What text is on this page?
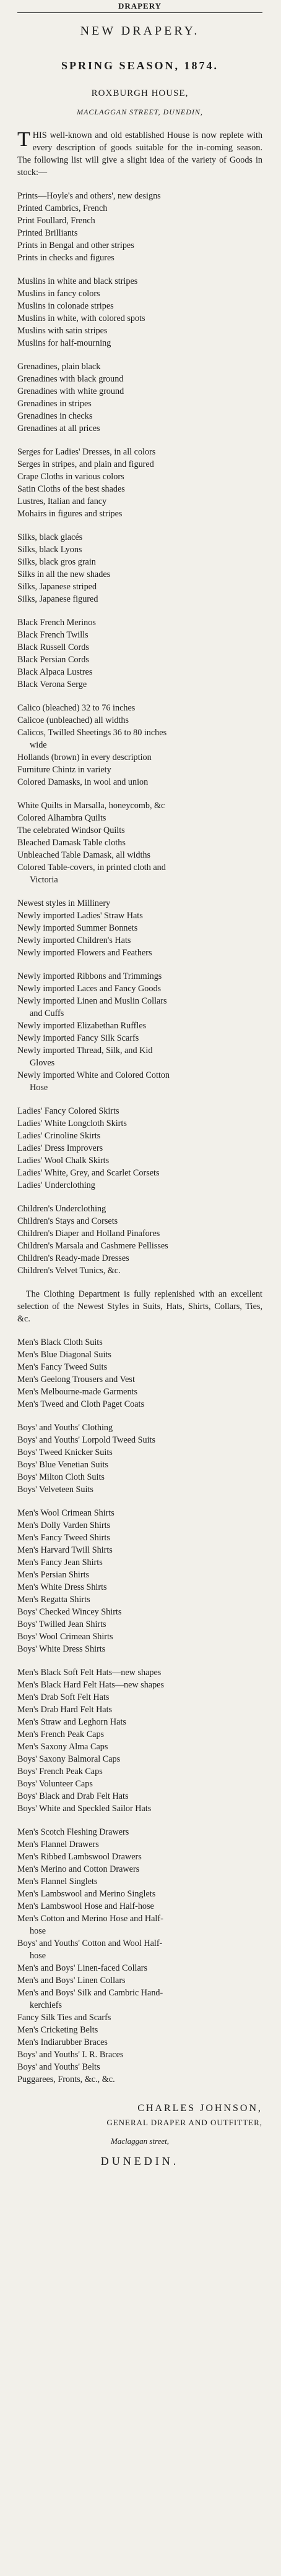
DRAPERY
NEW DRAPERY.
SPRING SEASON, 1874.
ROXBURGH HOUSE,
MACLAGGAN STREET, DUNEDIN,
THIS well-known and old established House is now replete with every description of goods suitable for the in-coming season. The following list will give a slight idea of the variety of Goods in stock:—
Prints—Hoyle's and others', new designs
Printed Cambrics, French
Print Foullard, French
Printed Brilliants
Prints in Bengal and other stripes
Prints in checks and figures
Muslins in white and black stripes
Muslins in fancy colors
Muslins in colonade stripes
Muslins in white, with colored spots
Muslins with satin stripes
Muslins for half-mourning
Grenadines, plain black
Grenadines with black ground
Grenadines with white ground
Grenadines in stripes
Grenadines in checks
Grenadines at all prices
Serges for Ladies' Dresses, in all colors
Serges in stripes, and plain and figured
Crape Cloths in various colors
Satin Cloths of the best shades
Lustres, Italian and fancy
Mohairs in figures and stripes
Silks, black glacés
Silks, black Lyons
Silks, black gros grain
Silks in all the new shades
Silks, Japanese striped
Silks, Japanese figured
Black French Merinos
Black French Twills
Black Russell Cords
Black Persian Cords
Black Alpaca Lustres
Black Verona Serge
Calico (bleached) 32 to 76 inches
Calicoe (unbleached) all widths
Calicos, Twilled Sheetings 36 to 80 inches
wide
Hollands (brown) in every description
Furniture Chintz in variety
Colored Damasks, in wool and union
White Quilts in Marsalla, honeycomb, &c
Colored Alhambra Quilts
The celebrated Windsor Quilts
Bleached Damask Table cloths
Unbleached Table Damask, all widths
Colored Table-covers, in printed cloth and
Victoria
Newest styles in Millinery
Newly imported Ladies' Straw Hats
Newly imported Summer Bonnets
Newly imported Children's Hats
Newly imported Flowers and Feathers
Newly imported Ribbons and Trimmings
Newly imported Laces and Fancy Goods
Newly imported Linen and Muslin Collars
and Cuffs
Newly imported Elizabethan Ruffles
Newly imported Fancy Silk Scarfs
Newly imported Thread, Silk, and Kid
Gloves
Newly imported White and Colored Cotton
Hose
Ladies' Fancy Colored Skirts
Ladies' White Longcloth Skirts
Ladies' Crinoline Skirts
Ladies' Dress Improvers
Ladies' Wool Chalk Skirts
Ladies' White, Grey, and Scarlet Corsets
Ladies' Underclothing
Children's Underclothing
Children's Stays and Corsets
Children's Diaper and Holland Pinafores
Children's Marsala and Cashmere Pellisses
Children's Ready-made Dresses
Children's Velvet Tunics, &c.
The Clothing Department is fully replenished with an excellent selection of the Newest Styles in Suits, Hats, Shirts, Collars, Ties, &c.
Men's Black Cloth Suits
Men's Blue Diagonal Suits
Men's Fancy Tweed Suits
Men's Geelong Trousers and Vest
Men's Melbourne-made Garments
Men's Tweed and Cloth Paget Coats
Boys' and Youths' Clothing
Boys' and Youths' Lorpold Tweed Suits
Boys' Tweed Knicker Suits
Boys' Blue Venetian Suits
Boys' Milton Cloth Suits
Boys' Velveteen Suits
Men's Wool Crimean Shirts
Men's Dolly Varden Shirts
Men's Fancy Tweed Shirts
Men's Harvard Twill Shirts
Men's Fancy Jean Shirts
Men's Persian Shirts
Men's White Dress Shirts
Men's Regatta Shirts
Boys' Checked Wincey Shirts
Boys' Twilled Jean Shirts
Boys' Wool Crimean Shirts
Boys' White Dress Shirts
Men's Black Soft Felt Hats—new shapes
Men's Black Hard Felt Hats—new shapes
Men's Drab Soft Felt Hats
Men's Drab Hard Felt Hats
Men's Straw and Leghorn Hats
Men's French Peak Caps
Men's Saxony Alma Caps
Boys' Saxony Balmoral Caps
Boys' French Peak Caps
Boys' Volunteer Caps
Boys' Black and Drab Felt Hats
Boys' White and Speckled Sailor Hats
Men's Scotch Fleshing Drawers
Men's Flannel Drawers
Men's Ribbed Lambswool Drawers
Men's Merino and Cotton Drawers
Men's Flannel Singlets
Men's Lambswool and Merino Singlets
Men's Lambswool Hose and Half-hose
Men's Cotton and Merino Hose and Half-
hose
Boys' and Youths' Cotton and Wool Half-
hose
Men's and Boys' Linen-faced Collars
Men's and Boys' Linen Collars
Men's and Boys' Silk and Cambric Hand-
kerchiefs
Fancy Silk Ties and Scarfs
Men's Cricketing Belts
Men's Indiarubber Braces
Boys' and Youths' I. R. Braces
Boys' and Youths' Belts
Puggarees, Fronts, &c., &c.
CHARLES JOHNSON,
GENERAL DRAPER AND OUTFITTER,
Maclaggan street,
DUNEDIN.
